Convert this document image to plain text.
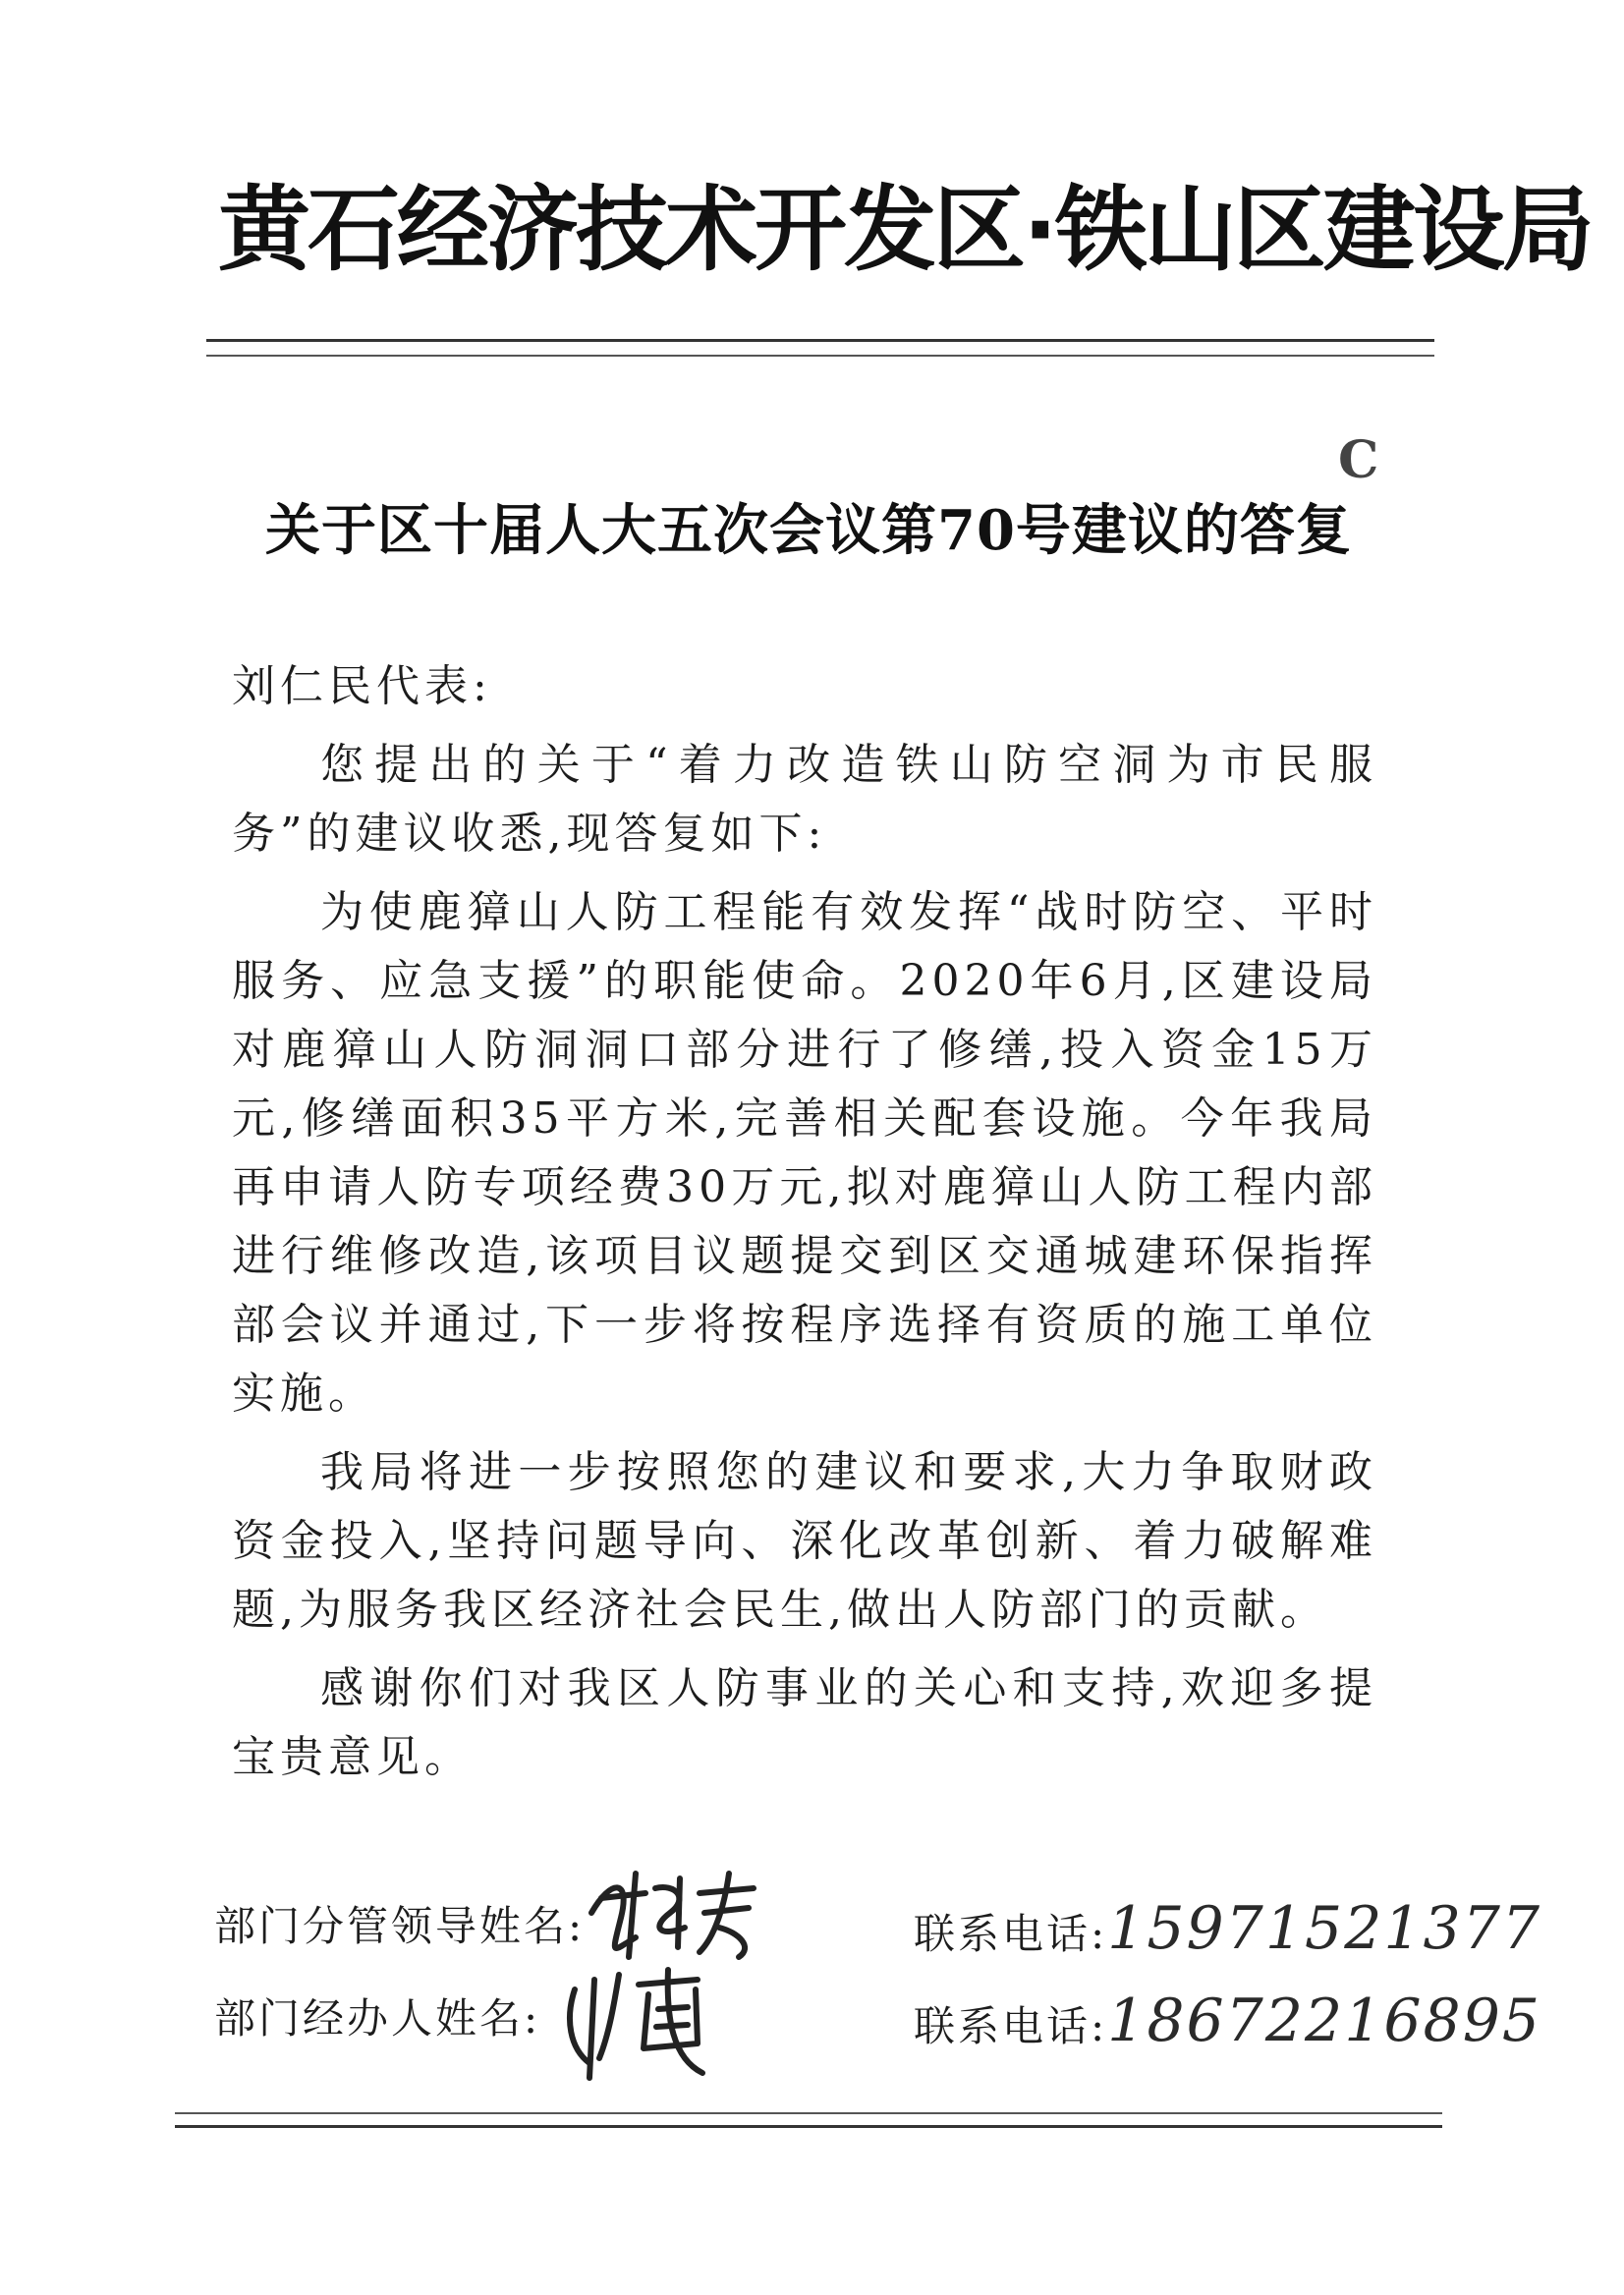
黄石经济技术开发区·铁山区建设局
C
关于区十届人大五次会议第70号建议的答复

刘仁民代表:

您提出的关于“着力改造铁山防空洞为市民服务”的建议收悉,现答复如下:

为使鹿獐山人防工程能有效发挥“战时防空、平时服务、应急支援”的职能使命。2020年6月,区建设局对鹿獐山人防洞洞口部分进行了修缮,投入资金15万元,修缮面积35平方米,完善相关配套设施。今年我局再申请人防专项经费30万元,拟对鹿獐山人防工程内部进行维修改造,该项目议题提交到区交通城建环保指挥部会议并通过,下一步将按程序选择有资质的施工单位实施。

我局将进一步按照您的建议和要求,大力争取财政资金投入,坚持问题导向、深化改革创新、着力破解难题,为服务我区经济社会民生,做出人防部门的贡献。

感谢你们对我区人防事业的关心和支持,欢迎多提宝贵意见。

部门分管领导姓名:	联系电话:15971521377
部门经办人姓名:	联系电话:18672216895
